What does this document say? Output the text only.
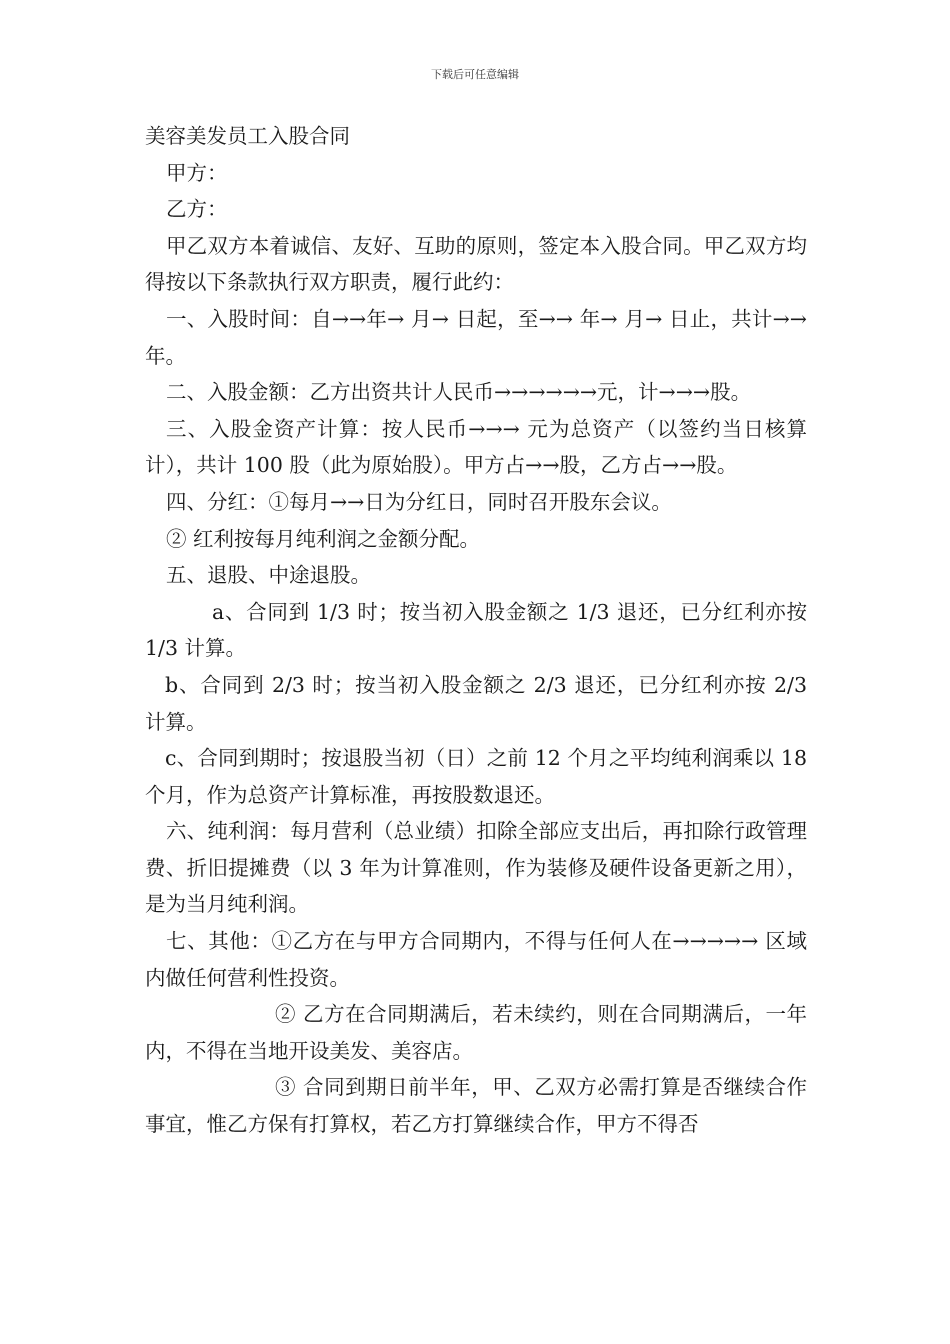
下载后可任意编辑

美容美发员工入股合同

甲方：

乙方：

甲乙双方本着诚信、友好、互助的原则，签定本入股合同。甲乙双方均得按以下条款执行双方职责，履行此约：

一、入股时间：自→→年→ 月→ 日起，至→→ 年→ 月→ 日止，共计→→ 年。

二、入股金额：乙方出资共计人民币→→→→→→元，计→→→股。

三、入股金资产计算：按人民币→→→ 元为总资产（以签约当日核算计），共计 100 股（此为原始股）。甲方占→→股，乙方占→→股。

四、分红：①每月→→日为分红日，同时召开股东会议。

② 红利按每月纯利润之金额分配。

五、退股、中途退股。

a、合同到 1/3 时；按当初入股金额之 1/3 退还，已分红利亦按 1/3 计算。

b、合同到 2/3 时；按当初入股金额之 2/3 退还，已分红利亦按 2/3 计算。

c、合同到期时；按退股当初（日）之前 12 个月之平均纯利润乘以 18 个月，作为总资产计算标准，再按股数退还。

六、纯利润：每月营利（总业绩）扣除全部应支出后，再扣除行政管理费、折旧提摊费（以 3 年为计算准则，作为装修及硬件设备更新之用），是为当月纯利润。

七、其他：①乙方在与甲方合同期内，不得与任何人在→→→→→ 区域内做任何营利性投资。

② 乙方在合同期满后，若未续约，则在合同期满后，一年内，不得在当地开设美发、美容店。

③ 合同到期日前半年，甲、乙双方必需打算是否继续合作事宜，惟乙方保有打算权，若乙方打算继续合作，甲方不得否
